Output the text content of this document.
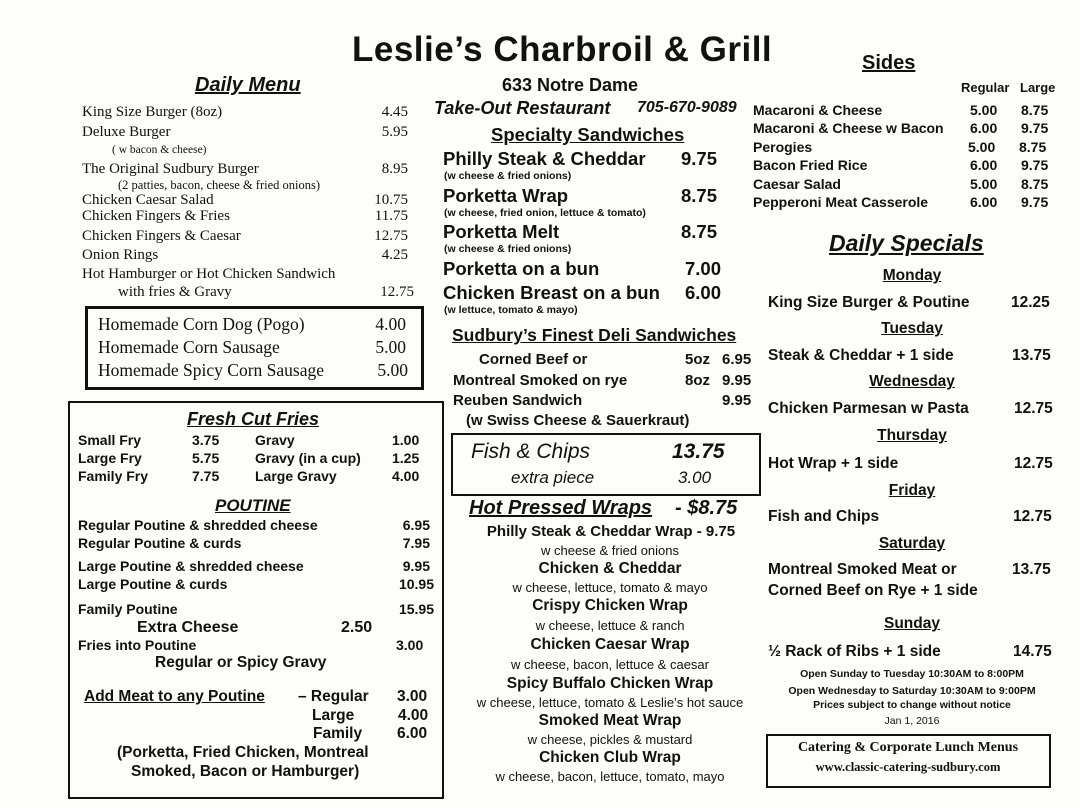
Leslie’s Charbroil & Grill
633 Notre Dame
Take-Out Restaurant 705-670-9089
Daily Menu
King Size Burger (8oz)	4.45
Deluxe Burger	5.95
( w bacon & cheese)
The Original Sudbury Burger	8.95
(2 patties, bacon, cheese & fried onions)
Chicken Caesar Salad	10.75
Chicken Fingers & Fries	11.75
Chicken Fingers & Caesar	12.75
Onion Rings	4.25
Hot Hamburger or Hot Chicken Sandwich
with fries & Gravy	12.75
Homemade Corn Dog (Pogo)	4.00
Homemade Corn Sausage	5.00
Homemade Spicy Corn Sausage	5.00
Fresh Cut Fries
Small Fry	3.75	Gravy	1.00
Large Fry	5.75	Gravy (in a cup) 1.25
Family Fry	7.75	Large Gravy	4.00
POUTINE
Regular Poutine & shredded cheese	6.95
Regular Poutine & curds	7.95
Large Poutine & shredded cheese	9.95
Large Poutine & curds	10.95
Family Poutine	15.95
Extra Cheese	2.50
Fries into Poutine	3.00
Regular or Spicy Gravy
Add Meat to any Poutine – Regular 3.00
Large	4.00
Family 6.00
(Porketta, Fried Chicken, Montreal
Smoked, Bacon or Hamburger)
Specialty Sandwiches
Philly Steak & Cheddar 9.75
(w cheese & fried onions)
Porketta Wrap	8.75
(w cheese, fried onion, lettuce & tomato)
Porketta Melt	8.75
(w cheese & fried onions)
Porketta on a bun	7.00
Chicken Breast on a bun 6.00
(w lettuce, tomato & mayo)
Sudbury’s Finest Deli Sandwiches
Corned Beef or	5oz 6.95
Montreal Smoked on rye	8oz 9.95
Reuben Sandwich	9.95
(w Swiss Cheese & Sauerkraut)
Fish & Chips	13.75
extra piece	3.00
Hot Pressed Wraps - $8.75
Philly Steak & Cheddar Wrap - 9.75
w cheese & fried onions
Chicken & Cheddar
w cheese, lettuce, tomato & mayo
Crispy Chicken Wrap
w cheese, lettuce & ranch
Chicken Caesar Wrap
w cheese, bacon, lettuce & caesar
Spicy Buffalo Chicken Wrap
w cheese, lettuce, tomato & Leslie’s hot sauce
Smoked Meat Wrap
w cheese, pickles & mustard
Chicken Club Wrap
w cheese, bacon, lettuce, tomato, mayo
Sides
Regular Large
Macaroni & Cheese	5.00 8.75
Macaroni & Cheese w Bacon 6.00 9.75
Perogies	5.00 8.75
Bacon Fried Rice	6.00 9.75
Caesar Salad	5.00 8.75
Pepperoni Meat Casserole	6.00 9.75
Daily Specials
Monday
King Size Burger & Poutine	12.25
Tuesday
Steak & Cheddar + 1 side	13.75
Wednesday
Chicken Parmesan w Pasta	12.75
Thursday
Hot Wrap + 1 side	12.75
Friday
Fish and Chips	12.75
Saturday
Montreal Smoked Meat or
Corned Beef on Rye + 1 side
13.75
Sunday
½ Rack of Ribs + 1 side	14.75
Open Sunday to Tuesday 10:30AM to 8:00PM
Open Wednesday to Saturday 10:30AM to 9:00PM
Prices subject to change without notice
Jan 1, 2016
Catering & Corporate Lunch Menus
www.classic-catering-sudbury.com
